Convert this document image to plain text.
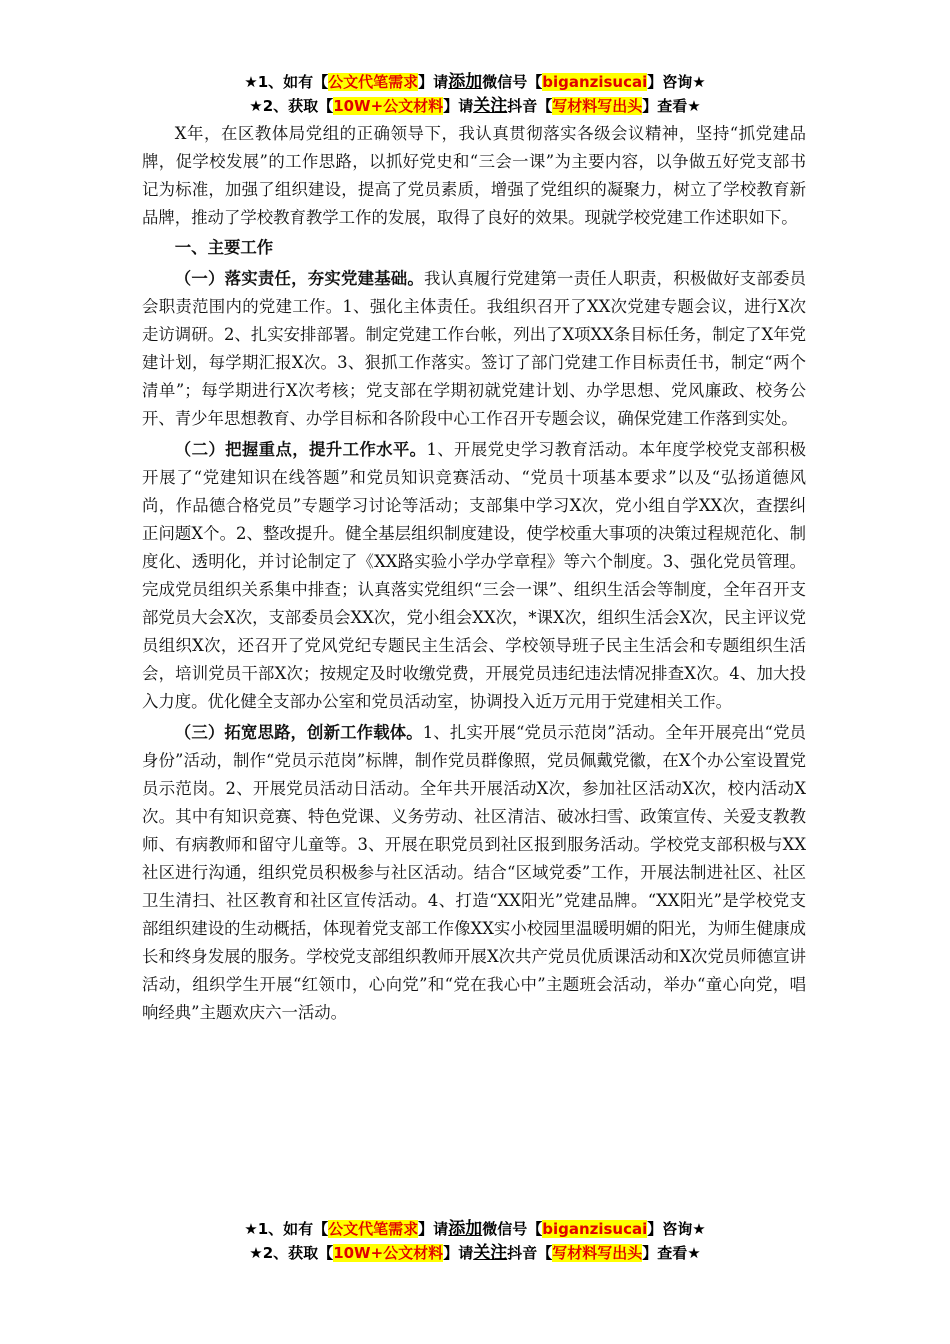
★1、如有【公文代笔需求】请添加微信号【biganzisucai】咨询★
★2、获取【10W+公文材料】请关注抖音【写材料写出头】查看★

X年，在区教体局党组的正确领导下，我认真贯彻落实各级会议精神，坚持“抓党建品牌，促学校发展”的工作思路，以抓好党史和“三会一课”为主要内容，以争做五好党支部书记为标准，加强了组织建设，提高了党员素质，增强了党组织的凝聚力，树立了学校教育新品牌，推动了学校教育教学工作的发展，取得了良好的效果。现就学校党建工作述职如下。

一、主要工作

（一）落实责任，夯实党建基础。我认真履行党建第一责任人职责，积极做好支部委员会职责范围内的党建工作。1、强化主体责任。我组织召开了XX次党建专题会议，进行X次走访调研。2、扎实安排部署。制定党建工作台帐，列出了X项XX条目标任务，制定了X年党建计划，每学期汇报X次。3、狠抓工作落实。签订了部门党建工作目标责任书，制定“两个清单”；每学期进行X次考核；党支部在学期初就党建计划、办学思想、党风廉政、校务公开、青少年思想教育、办学目标和各阶段中心工作召开专题会议，确保党建工作落到实处。

（二）把握重点，提升工作水平。1、开展党史学习教育活动。本年度学校党支部积极开展了“党建知识在线答题”和党员知识竞赛活动、“党员十项基本要求”以及“弘扬道德风尚，作品德合格党员”专题学习讨论等活动；支部集中学习X次，党小组自学XX次，查摆纠正问题X个。2、整改提升。健全基层组织制度建设，使学校重大事项的决策过程规范化、制度化、透明化，并讨论制定了《XX路实验小学办学章程》等六个制度。3、强化党员管理。完成党员组织关系集中排查；认真落实党组织“三会一课”、组织生活会等制度，全年召开支部党员大会X次，支部委员会XX次，党小组会XX次，*课X次，组织生活会X次，民主评议党员组织X次，还召开了党风党纪专题民主生活会、学校领导班子民主生活会和专题组织生活会，培训党员干部X次；按规定及时收缴党费，开展党员违纪违法情况排查X次。4、加大投入力度。优化健全支部办公室和党员活动室，协调投入近万元用于党建相关工作。

（三）拓宽思路，创新工作载体。1、扎实开展“党员示范岗”活动。全年开展亮出“党员身份”活动，制作“党员示范岗”标牌，制作党员群像照，党员佩戴党徽，在X个办公室设置党员示范岗。2、开展党员活动日活动。全年共开展活动X次，参加社区活动X次，校内活动X次。其中有知识竞赛、特色党课、义务劳动、社区清洁、破冰扫雪、政策宣传、关爱支教教师、有病教师和留守儿童等。3、开展在职党员到社区报到服务活动。学校党支部积极与XX社区进行沟通，组织党员积极参与社区活动。结合“区域党委”工作，开展法制进社区、社区卫生清扫、社区教育和社区宣传活动。4、打造“XX阳光”党建品牌。“XX阳光”是学校党支部组织建设的生动概括，体现着党支部工作像XX实小校园里温暖明媚的阳光，为师生健康成长和终身发展的服务。学校党支部组织教师开展X次共产党员优质课活动和X次党员师德宣讲活动，组织学生开展“红领巾，心向党”和“党在我心中”主题班会活动，举办“童心向党，唱响经典”主题欢庆六一活动。

★1、如有【公文代笔需求】请添加微信号【biganzisucai】咨询★
★2、获取【10W+公文材料】请关注抖音【写材料写出头】查看★
